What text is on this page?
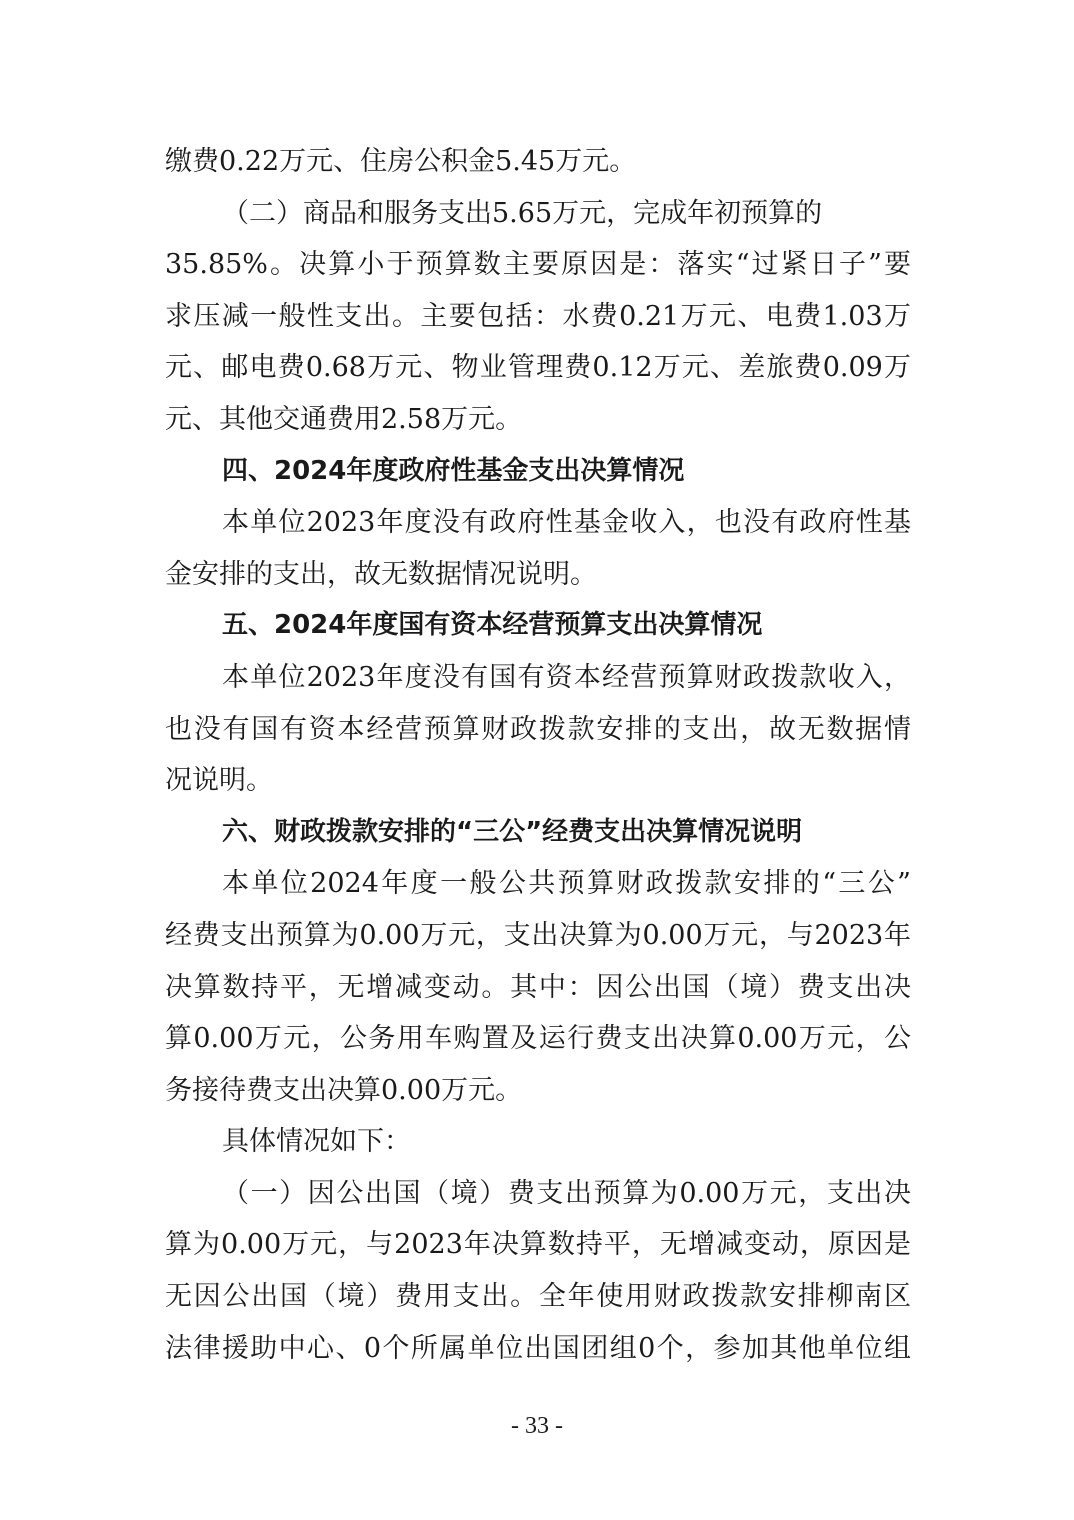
缴费0.22万元、住房公积金5.45万元。
（二）商品和服务支出5.65万元，完成年初预算的
35.85%。决算小于预算数主要原因是：落实“过紧日子”要
求压减一般性支出。主要包括：水费0.21万元、电费1.03万
元、邮电费0.68万元、物业管理费0.12万元、差旅费0.09万
元、其他交通费用2.58万元。
四、2024年度政府性基金支出决算情况
本单位2023年度没有政府性基金收入，也没有政府性基
金安排的支出，故无数据情况说明。
五、2024年度国有资本经营预算支出决算情况
本单位2023年度没有国有资本经营预算财政拨款收入，
也没有国有资本经营预算财政拨款安排的支出，故无数据情
况说明。
六、财政拨款安排的“三公”经费支出决算情况说明
本单位2024年度一般公共预算财政拨款安排的“三公”
经费支出预算为0.00万元，支出决算为0.00万元，与2023年
决算数持平，无增减变动。其中：因公出国（境）费支出决
算0.00万元，公务用车购置及运行费支出决算0.00万元，公
务接待费支出决算0.00万元。
具体情况如下：
（一）因公出国（境）费支出预算为0.00万元，支出决
算为0.00万元，与2023年决算数持平，无增减变动，原因是
无因公出国（境）费用支出。全年使用财政拨款安排柳南区
法律援助中心、0个所属单位出国团组0个，参加其他单位组
- 33 -
